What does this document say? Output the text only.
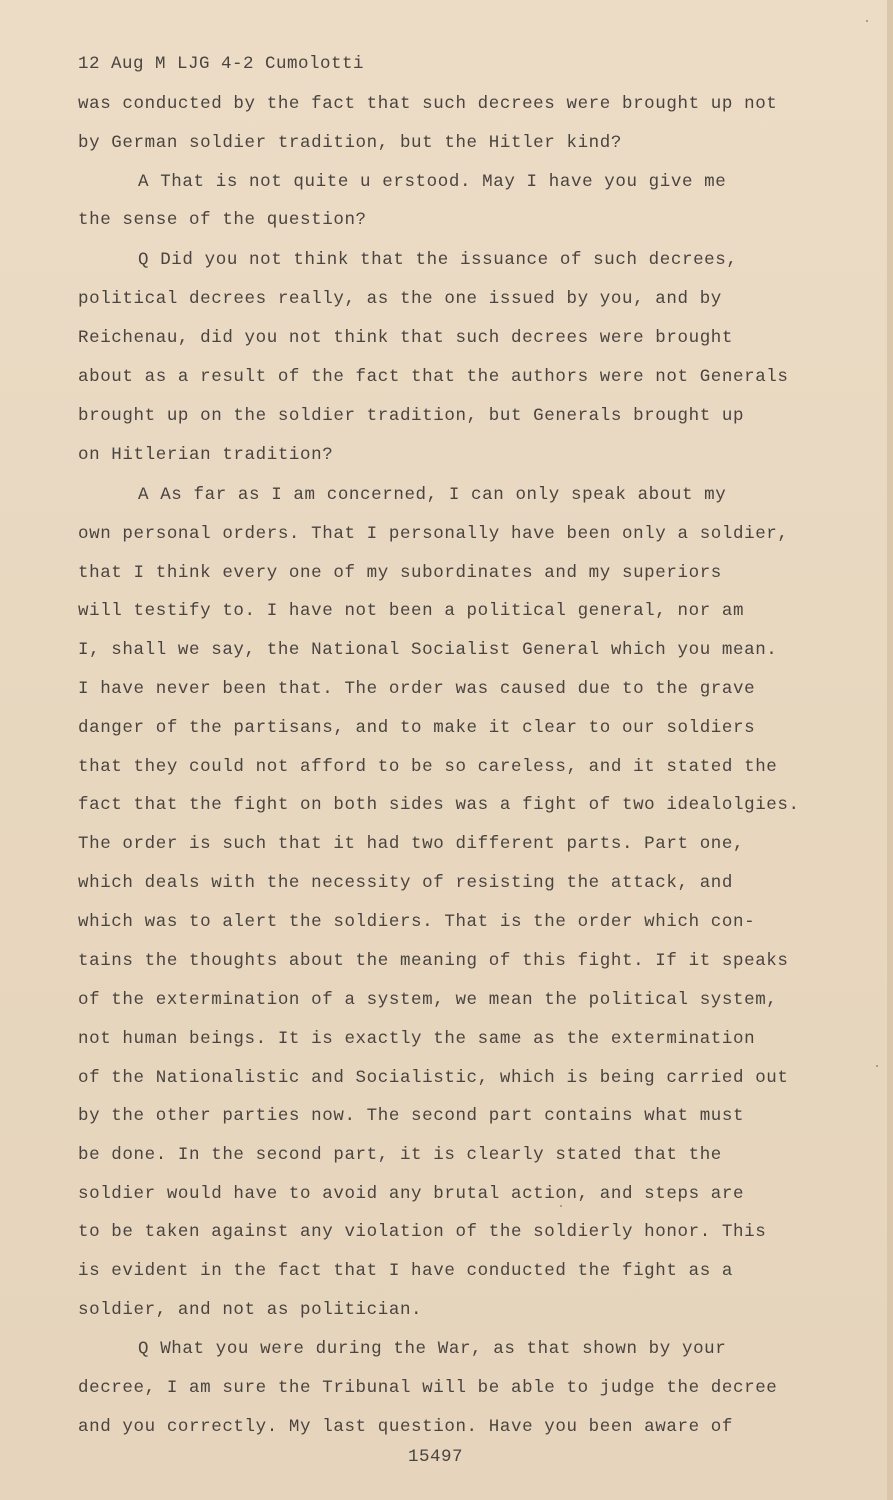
12 Aug M LJG 4-2 Cumolotti
was conducted by the fact that such decrees were brought up not
by German soldier tradition, but the Hitler kind?
A That is not quite u erstood. May I have you give me
the sense of the question?
Q Did you not think that the issuance of such decrees,
political decrees really, as the one issued by you, and by
Reichenau, did you not think that such decrees were brought
about as a result of the fact that the authors were not Generals
brought up on the soldier tradition, but Generals brought up
on Hitlerian tradition?
A As far as I am concerned, I can only speak about my
own personal orders. That I personally have been only a soldier,
that I think every one of my subordinates and my superiors
will testify to. I have not been a political general, nor am
I, shall we say, the National Socialist General which you mean.
I have never been that. The order was caused due to the grave
danger of the partisans, and to make it clear to our soldiers
that they could not afford to be so careless, and it stated the
fact that the fight on both sides was a fight of two idealolgies.
The order is such that it had two different parts. Part one,
which deals with the necessity of resisting the attack, and
which was to alert the soldiers. That is the order which con-
tains the thoughts about the meaning of this fight. If it speaks
of the extermination of a system, we mean the political system,
not human beings. It is exactly the same as the extermination
of the Nationalistic and Socialistic, which is being carried out
by the other parties now. The second part contains what must
be done. In the second part, it is clearly stated that the
soldier would have to avoid any brutal action, and steps are
to be taken against any violation of the soldierly honor. This
is evident in the fact that I have conducted the fight as a
soldier, and not as politician.
Q What you were during the War, as that shown by your
decree, I am sure the Tribunal will be able to judge the decree
and you correctly. My last question. Have you been aware of
15497
